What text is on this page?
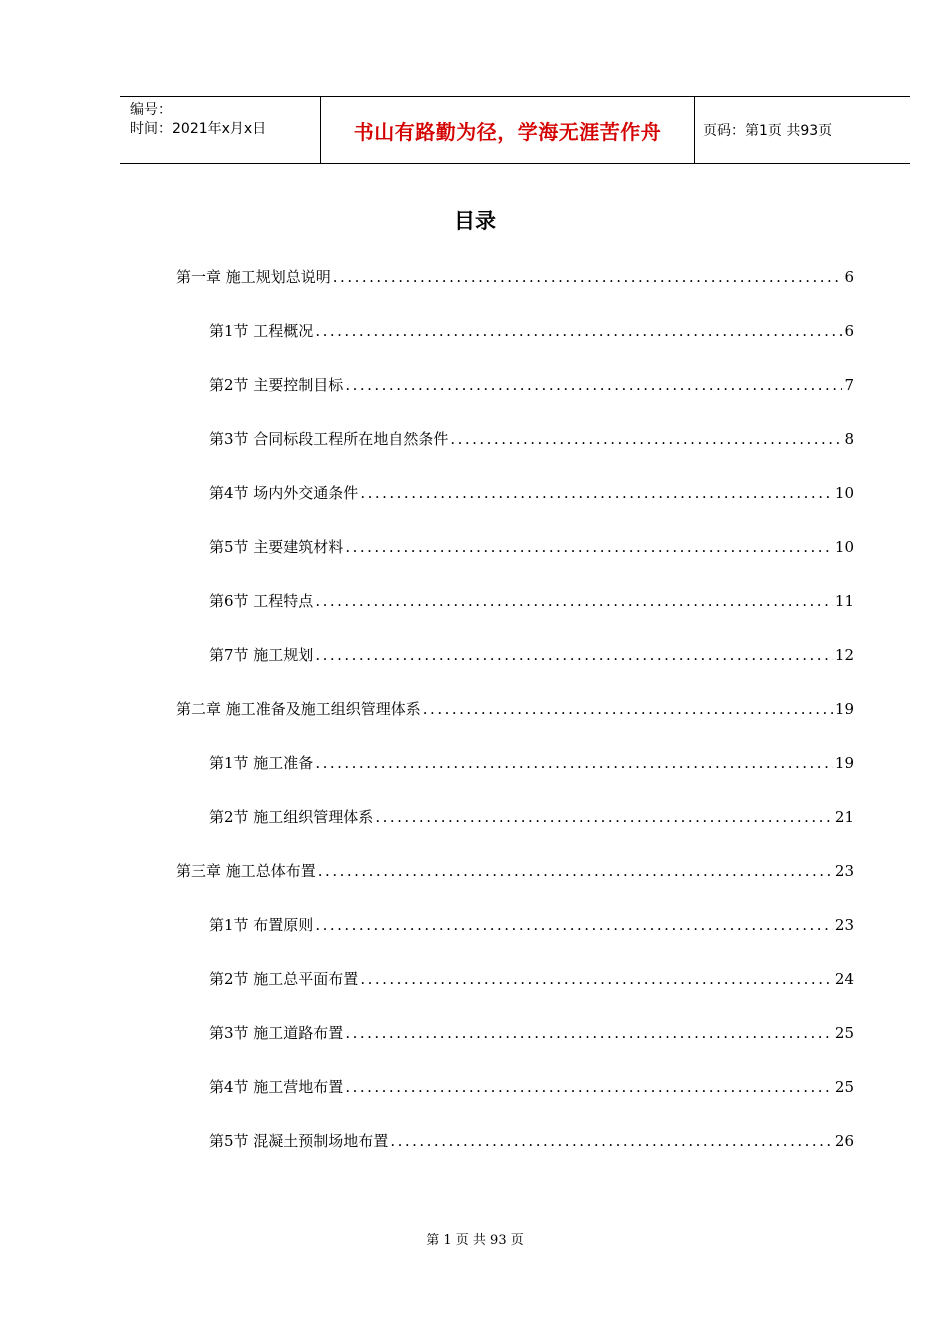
编号：
时间：2021年x月x日	书山有路勤为径，学海无涯苦作舟	页码：第1页 共93页
目录
第一章 施工规划总说明 .....	6
第1节 工程概况 .....	6
第2节 主要控制目标 .....	7
第3节 合同标段工程所在地自然条件 .....	8
第4节 场内外交通条件 .....	10
第5节 主要建筑材料 .....	10
第6节 工程特点 .....	11
第7节 施工规划 .....	12
第二章 施工准备及施工组织管理体系 .....	19
第1节 施工准备 .....	19
第2节 施工组织管理体系 .....	21
第三章 施工总体布置 .....	23
第1节 布置原则 .....	23
第2节 施工总平面布置 .....	24
第3节 施工道路布置 .....	25
第4节 施工营地布置 .....	25
第5节 混凝土预制场地布置 .....	26
第 1 页 共 93 页
